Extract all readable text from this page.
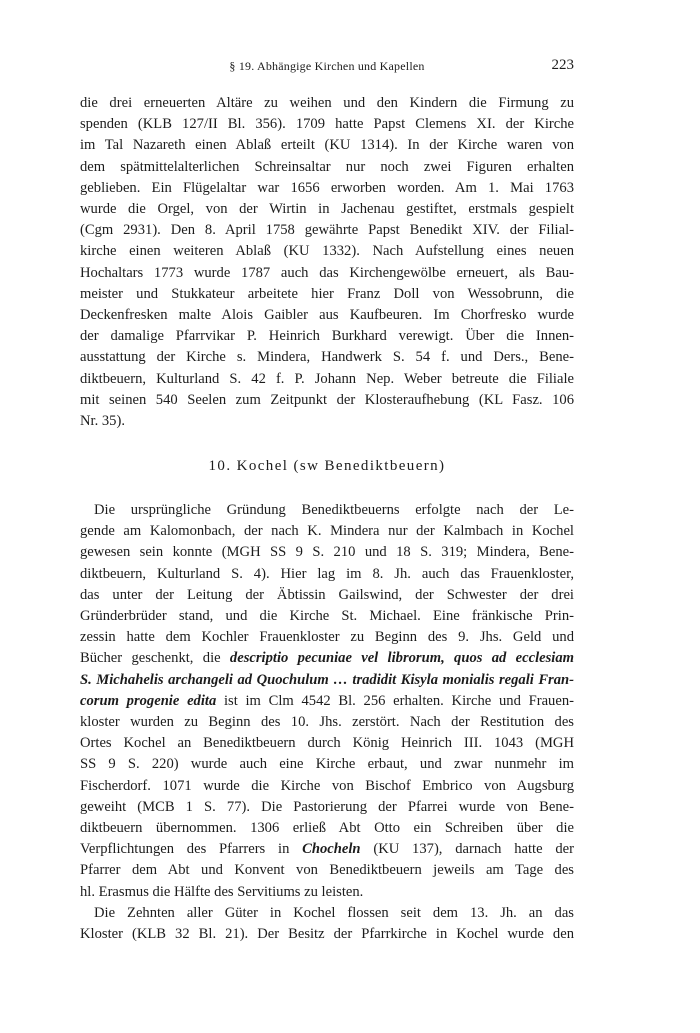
§ 19. Abhängige Kirchen und Kapellen	223
die drei erneuerten Altäre zu weihen und den Kindern die Firmung zu
spenden (KLB 127/II Bl. 356). 1709 hatte Papst Clemens XI. der Kirche
im Tal Nazareth einen Ablaß erteilt (KU 1314). In der Kirche waren von
dem spätmittelalterlichen Schreinsaltar nur noch zwei Figuren erhalten
geblieben. Ein Flügelaltar war 1656 erworben worden. Am 1. Mai 1763
wurde die Orgel, von der Wirtin in Jachenau gestiftet, erstmals gespielt
(Cgm 2931). Den 8. April 1758 gewährte Papst Benedikt XIV. der Filial-
kirche einen weiteren Ablaß (KU 1332). Nach Aufstellung eines neuen
Hochaltars 1773 wurde 1787 auch das Kirchengewölbe erneuert, als Bau-
meister und Stukkateur arbeitete hier Franz Doll von Wessobrunn, die
Deckenfresken malte Alois Gaibler aus Kaufbeuren. Im Chorfresko wurde
der damalige Pfarrvikar P. Heinrich Burkhard verewigt. Über die Innen-
ausstattung der Kirche s. Mindera, Handwerk S. 54 f. und Ders., Bene-
diktbeuern, Kulturland S. 42 f. P. Johann Nep. Weber betreute die Filiale
mit seinen 540 Seelen zum Zeitpunkt der Klosteraufhebung (KL Fasz. 106
Nr. 35).
10. Kochel (sw Benediktbeuern)
Die ursprüngliche Gründung Benediktbeuerns erfolgte nach der Le-
gende am Kalomonbach, der nach K. Mindera nur der Kalmbach in Kochel
gewesen sein konnte (MGH SS 9 S. 210 und 18 S. 319; Mindera, Bene-
diktbeuern, Kulturland S. 4). Hier lag im 8. Jh. auch das Frauenkloster,
das unter der Leitung der Äbtissin Gailswind, der Schwester der drei
Gründerbrüder stand, und die Kirche St. Michael. Eine fränkische Prin-
zessin hatte dem Kochler Frauenkloster zu Beginn des 9. Jhs. Geld und
Bücher geschenkt, die descriptio pecuniae vel librorum, quos ad ecclesiam
S. Michahelis archangeli ad Quochulum … tradidit Kisyla monialis regali Fran-
corum progenie edita ist im Clm 4542 Bl. 256 erhalten. Kirche und Frauen-
kloster wurden zu Beginn des 10. Jhs. zerstört. Nach der Restitution des
Ortes Kochel an Benediktbeuern durch König Heinrich III. 1043 (MGH
SS 9 S. 220) wurde auch eine Kirche erbaut, und zwar nunmehr im
Fischerdorf. 1071 wurde die Kirche von Bischof Embrico von Augsburg
geweiht (MCB 1 S. 77). Die Pastorierung der Pfarrei wurde von Bene-
diktbeuern übernommen. 1306 erließ Abt Otto ein Schreiben über die
Verpflichtungen des Pfarrers in Chocheln (KU 137), darnach hatte der
Pfarrer dem Abt und Konvent von Benediktbeuern jeweils am Tage des
hl. Erasmus die Hälfte des Servitiums zu leisten.
Die Zehnten aller Güter in Kochel flossen seit dem 13. Jh. an das
Kloster (KLB 32 Bl. 21). Der Besitz der Pfarrkirche in Kochel wurde den
